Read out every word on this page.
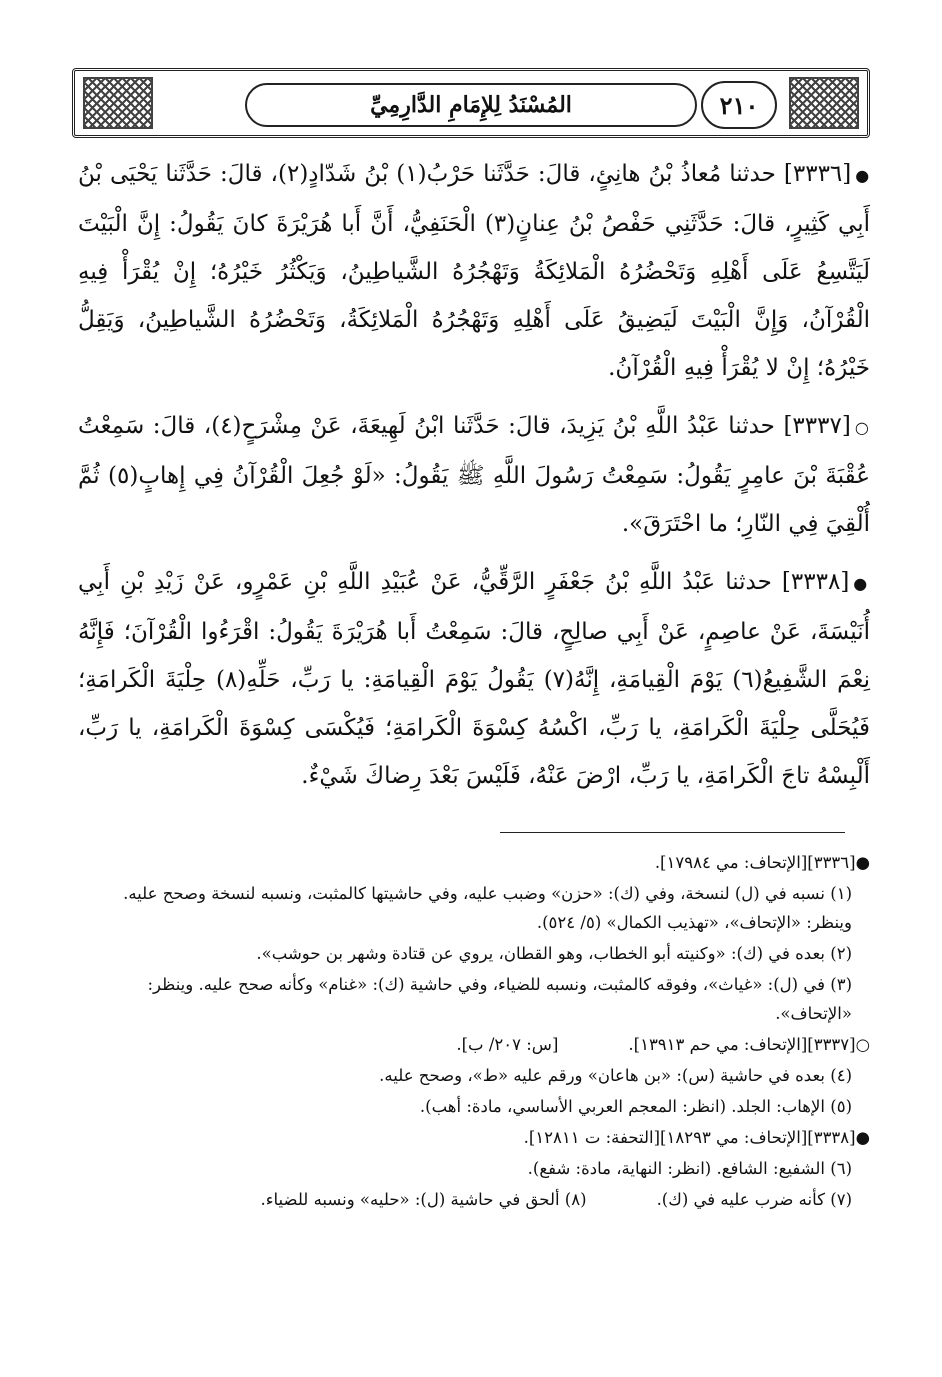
المُسْنَدُ لِلإِمَامِ الدَّارِمِيِّ	٢١٠

●[٣٣٣٦] حدثنا مُعاذُ بْنُ هانِئٍ، قالَ: حَدَّثَنا حَرْبُ(١) بْنُ شَدّادٍ(٢)، قالَ: حَدَّثَنا يَحْيَى بْنُ أَبِي كَثِيرٍ، قالَ: حَدَّثَنِي حَفْصُ بْنُ عِنانٍ(٣) الْحَنَفِيُّ، أَنَّ أَبا هُرَيْرَةَ كانَ يَقُولُ: إِنَّ الْبَيْتَ لَيَتَّسِعُ عَلَى أَهْلِهِ وَتَحْضُرُهُ الْمَلائِكَةُ وَتَهْجُرُهُ الشَّياطِينُ، وَيَكْثُرُ خَيْرُهُ؛ إِنْ يُقْرَأْ فِيهِ الْقُرْآنُ، وَإِنَّ الْبَيْتَ لَيَضِيقُ عَلَى أَهْلِهِ وَتَهْجُرُهُ الْمَلائِكَةُ، وَتَحْضُرُهُ الشَّياطِينُ، وَيَقِلُّ خَيْرُهُ؛ إِنْ لا يُقْرَأْ فِيهِ الْقُرْآنُ.

○[٣٣٣٧] حدثنا عَبْدُ اللَّهِ بْنُ يَزِيدَ، قالَ: حَدَّثَنا ابْنُ لَهِيعَةَ، عَنْ مِشْرَحٍ(٤)، قالَ: سَمِعْتُ عُقْبَةَ بْنَ عامِرٍ يَقُولُ: سَمِعْتُ رَسُولَ اللَّهِ ﷺ يَقُولُ: «لَوْ جُعِلَ الْقُرْآنُ فِي إِهابٍ(٥) ثُمَّ أُلْقِيَ فِي النّارِ؛ ما احْتَرَقَ».

●[٣٣٣٨] حدثنا عَبْدُ اللَّهِ بْنُ جَعْفَرٍ الرَّقِّيُّ، عَنْ عُبَيْدِ اللَّهِ بْنِ عَمْرٍو، عَنْ زَيْدِ بْنِ أَبِي أُنَيْسَةَ، عَنْ عاصِمٍ، عَنْ أَبِي صالِحٍ، قالَ: سَمِعْتُ أَبا هُرَيْرَةَ يَقُولُ: اقْرَءُوا الْقُرْآنَ؛ فَإِنَّهُ نِعْمَ الشَّفِيعُ(٦) يَوْمَ الْقِيامَةِ، إِنَّهُ(٧) يَقُولُ يَوْمَ الْقِيامَةِ: يا رَبِّ، حَلِّهِ(٨) حِلْيَةَ الْكَرامَةِ؛ فَيُحَلَّى حِلْيَةَ الْكَرامَةِ، يا رَبِّ، اكْسُهُ كِسْوَةَ الْكَرامَةِ؛ فَيُكْسَى كِسْوَةَ الْكَرامَةِ، يا رَبِّ، أَلْبِسْهُ تاجَ الْكَرامَةِ، يا رَبِّ، ارْضَ عَنْهُ، فَلَيْسَ بَعْدَ رِضاكَ شَيْءٌ.

●[٣٣٣٦][الإتحاف: مي ١٧٩٨٤].
(١) نسبه في (ل) لنسخة، وفي (ك): «حزن» وضبب عليه، وفي حاشيتها كالمثبت، ونسبه لنسخة وصحح عليه. وينظر: «الإتحاف»، «تهذيب الكمال» (٥/ ٥٢٤).
(٢) بعده في (ك): «وكنيته أبو الخطاب، وهو القطان، يروي عن قتادة وشهر بن حوشب».
(٣) في (ل): «غياث»، وفوقه كالمثبت، ونسبه للضياء، وفي حاشية (ك): «غنام» وكأنه صحح عليه. وينظر: «الإتحاف».
○[٣٣٣٧][الإتحاف: مي حم ١٣٩١٣].
[س: ٢٠٧/ ب].
(٤) بعده في حاشية (س): «بن هاعان» ورقم عليه «ط»، وصحح عليه.
(٥) الإهاب: الجلد. (انظر: المعجم العربي الأساسي، مادة: أهب).
●[٣٣٣٨][الإتحاف: مي ١٨٢٩٣][التحفة: ت ١٢٨١١].
(٦) الشفيع: الشافع. (انظر: النهاية، مادة: شفع).
(٧) كأنه ضرب عليه في (ك).
(٨) ألحق في حاشية (ل): «حليه» ونسبه للضياء.
